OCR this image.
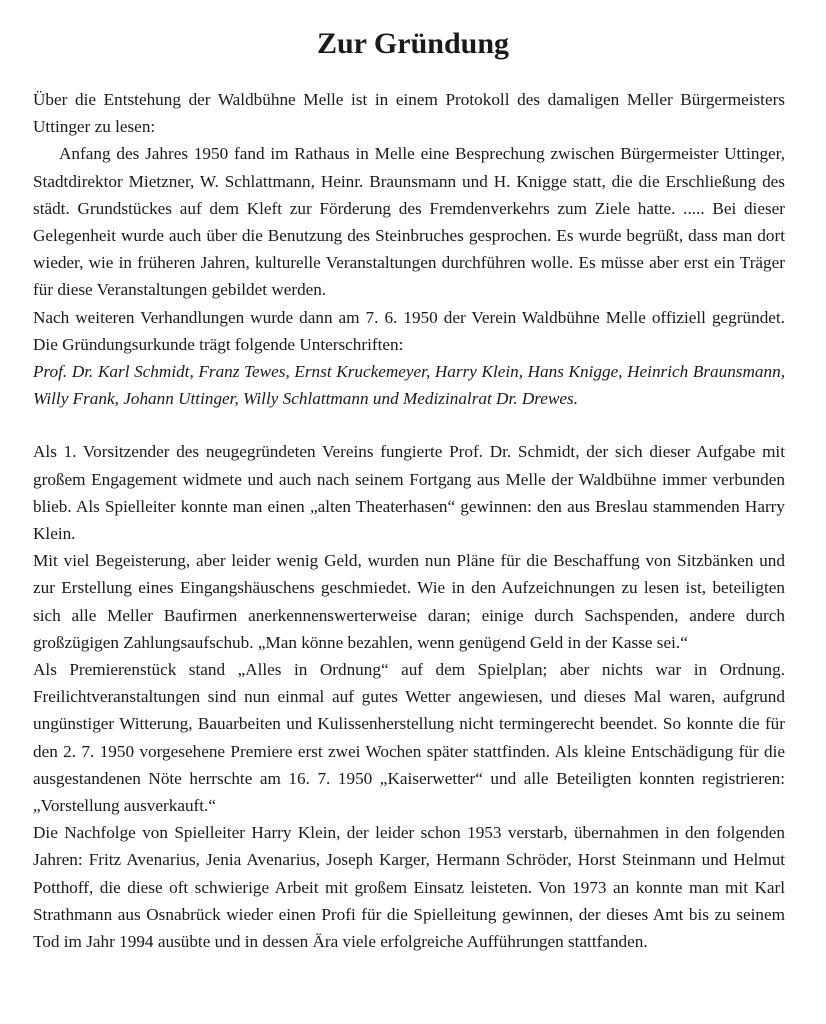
Zur Gründung

Über die Entstehung der Waldbühne Melle ist in einem Protokoll des damaligen Meller Bürgermeisters Uttinger zu lesen:

Anfang des Jahres 1950 fand im Rathaus in Melle eine Besprechung zwischen Bürgermeister Uttinger, Stadtdirektor Mietzner, W. Schlattmann, Heinr. Braunsmann und H. Knigge statt, die die Erschließung des städt. Grundstückes auf dem Kleft zur Förderung des Fremdenverkehrs zum Ziele hatte. ..... Bei dieser Gelegenheit wurde auch über die Benutzung des Steinbruches gesprochen. Es wurde begrüßt, dass man dort wieder, wie in früheren Jahren, kulturelle Veranstaltungen durchführen wolle. Es müsse aber erst ein Träger für diese Veranstaltungen gebildet werden.

Nach weiteren Verhandlungen wurde dann am 7. 6. 1950 der Verein Waldbühne Melle offiziell gegründet. Die Gründungsurkunde trägt folgende Unterschriften:

Prof. Dr. Karl Schmidt, Franz Tewes, Ernst Kruckemeyer, Harry Klein, Hans Knigge, Heinrich Braunsmann, Willy Frank, Johann Uttinger, Willy Schlattmann und Medizinalrat Dr. Drewes.

Als 1. Vorsitzender des neugegründeten Vereins fungierte Prof. Dr. Schmidt, der sich dieser Aufgabe mit großem Engagement widmete und auch nach seinem Fortgang aus Melle der Waldbühne immer verbunden blieb. Als Spielleiter konnte man einen „alten Theaterhasen“ gewinnen: den aus Breslau stammenden Harry Klein.

Mit viel Begeisterung, aber leider wenig Geld, wurden nun Pläne für die Beschaffung von Sitzbänken und zur Erstellung eines Eingangshäuschens geschmiedet. Wie in den Aufzeichnungen zu lesen ist, beteiligten sich alle Meller Baufirmen anerkennenswerterweise daran; einige durch Sachspenden, andere durch großzügigen Zahlungsaufschub. „Man könne bezahlen, wenn genügend Geld in der Kasse sei.“

Als Premierenstück stand „Alles in Ordnung“ auf dem Spielplan; aber nichts war in Ordnung. Freilichtveranstaltungen sind nun einmal auf gutes Wetter angewiesen, und dieses Mal waren, aufgrund ungünstiger Witterung, Bauarbeiten und Kulissenherstellung nicht termingerecht beendet. So konnte die für den 2. 7. 1950 vorgesehene Premiere erst zwei Wochen später stattfinden. Als kleine Entschädigung für die ausgestandenen Nöte herrschte am 16. 7. 1950 „Kaiserwetter“ und alle Beteiligten konnten registrieren: „Vorstellung ausverkauft.“

Die Nachfolge von Spielleiter Harry Klein, der leider schon 1953 verstarb, übernahmen in den folgenden Jahren: Fritz Avenarius, Jenia Avenarius, Joseph Karger, Hermann Schröder, Horst Steinmann und Helmut Potthoff, die diese oft schwierige Arbeit mit großem Einsatz leisteten. Von 1973 an konnte man mit Karl Strathmann aus Osnabrück wieder einen Profi für die Spielleitung gewinnen, der dieses Amt bis zu seinem Tod im Jahr 1994 ausübte und in dessen Ära viele erfolgreiche Aufführungen stattfanden.
